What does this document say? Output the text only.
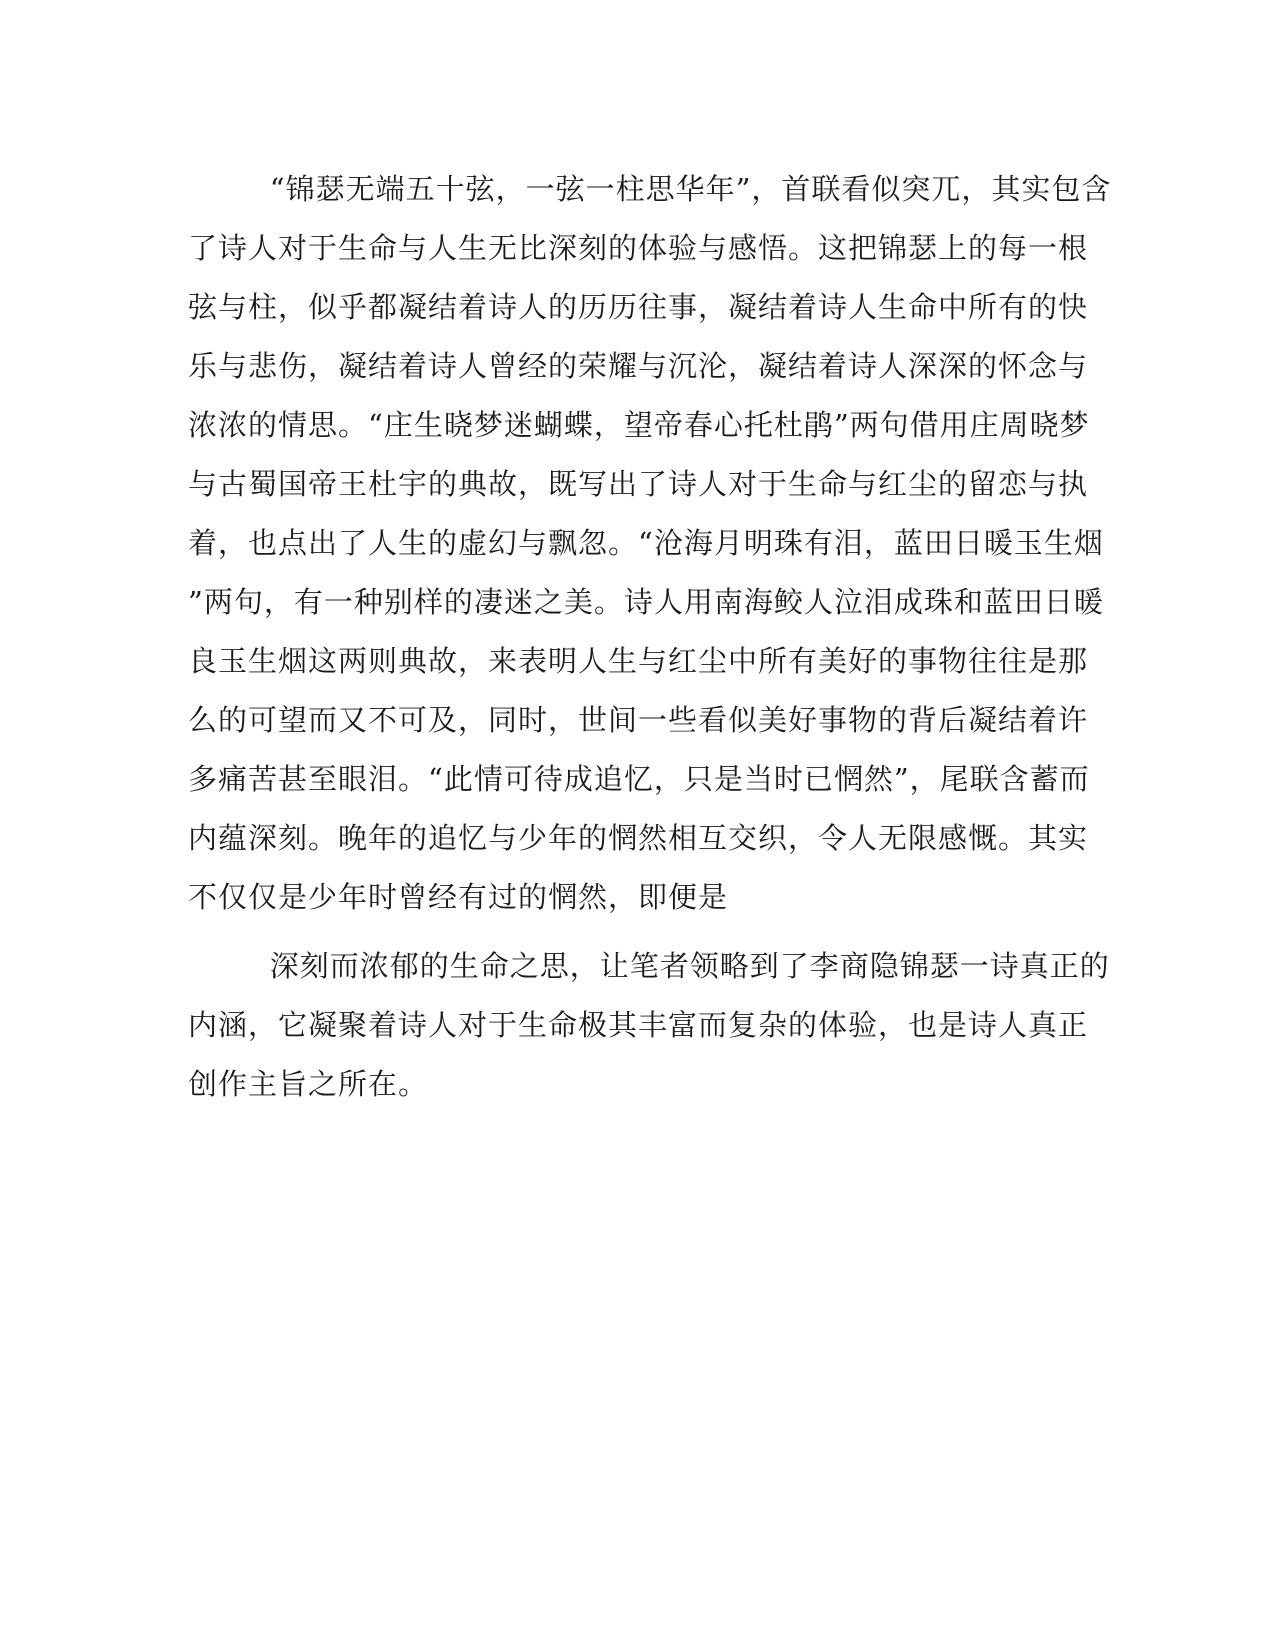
“锦瑟无端五十弦，一弦一柱思华年”，首联看似突兀，其实包含
了诗人对于生命与人生无比深刻的体验与感悟。这把锦瑟上的每一根
弦与柱，似乎都凝结着诗人的历历往事，凝结着诗人生命中所有的快
乐与悲伤，凝结着诗人曾经的荣耀与沉沦，凝结着诗人深深的怀念与
浓浓的情思。“庄生晓梦迷蝴蝶，望帝春心托杜鹃”两句借用庄周晓梦
与古蜀国帝王杜宇的典故，既写出了诗人对于生命与红尘的留恋与执
着，也点出了人生的虚幻与飘忽。“沧海月明珠有泪，蓝田日暖玉生烟
”两句，有一种别样的凄迷之美。诗人用南海鲛人泣泪成珠和蓝田日暖
良玉生烟这两则典故，来表明人生与红尘中所有美好的事物往往是那
么的可望而又不可及，同时，世间一些看似美好事物的背后凝结着许
多痛苦甚至眼泪。“此情可待成追忆，只是当时已惘然”，尾联含蓄而
内蕴深刻。晚年的追忆与少年的惘然相互交织，令人无限感慨。其实
不仅仅是少年时曾经有过的惘然，即便是
深刻而浓郁的生命之思，让笔者领略到了李商隐锦瑟一诗真正的
内涵，它凝聚着诗人对于生命极其丰富而复杂的体验，也是诗人真正
创作主旨之所在。
